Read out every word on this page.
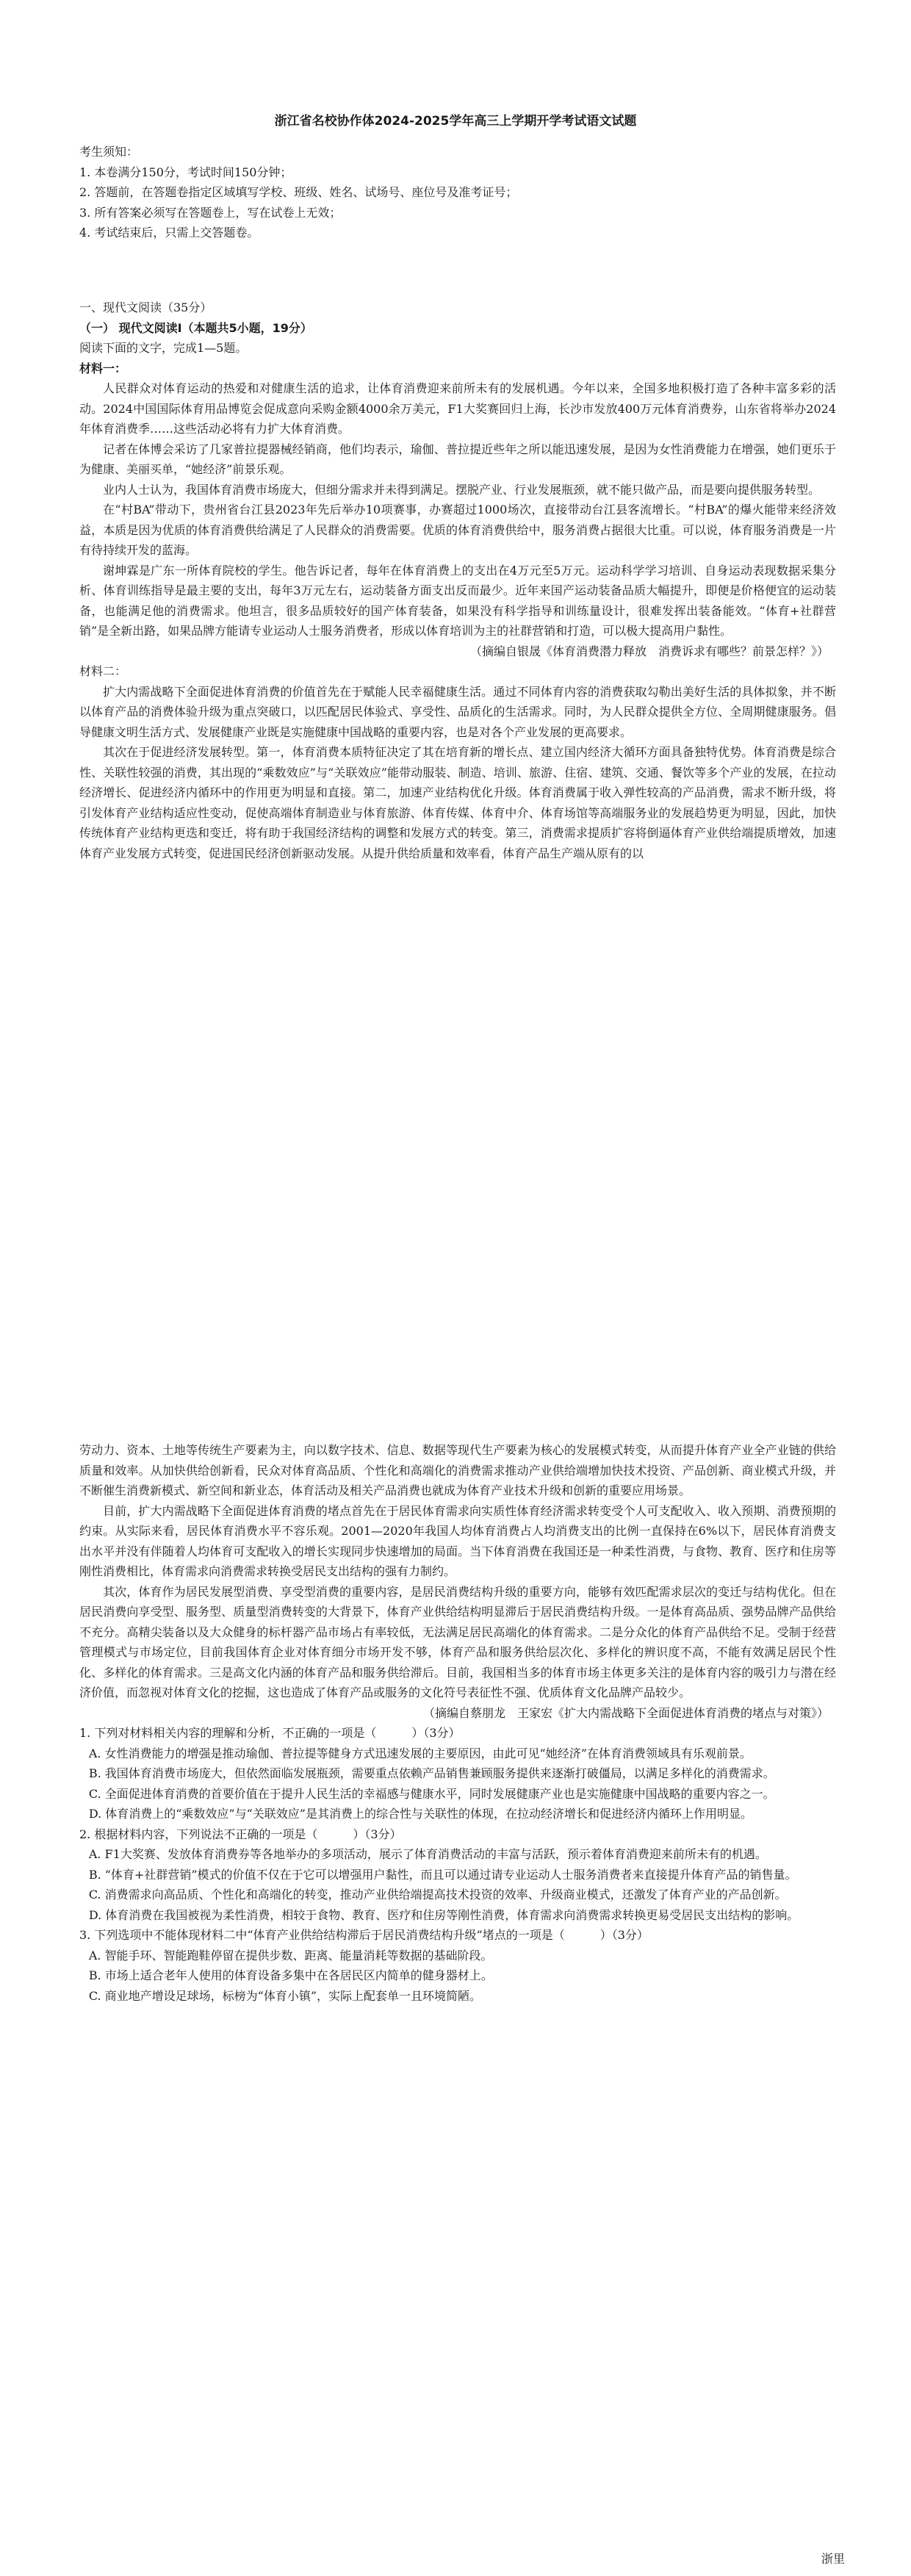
浙江省名校协作体2024-2025学年高三上学期开学考试语文试题

考生须知：

1. 本卷满分150分，考试时间150分钟；

2. 答题前，在答题卷指定区域填写学校、班级、姓名、试场号、座位号及准考证号；

3. 所有答案必须写在答题卷上，写在试卷上无效；

4. 考试结束后，只需上交答题卷。

一、现代文阅读（35分）

（一） 现代文阅读Ⅰ（本题共5小题，19分）

阅读下面的文字，完成1—5题。

材料一：

人民群众对体育运动的热爱和对健康生活的追求，让体育消费迎来前所未有的发展机遇。今年以来，全国多地积极打造了各种丰富多彩的活动。2024中国国际体育用品博览会促成意向采购金额4000余万美元，F1大奖赛回归上海，长沙市发放400万元体育消费券，山东省将举办2024年体育消费季……这些活动必将有力扩大体育消费。

记者在体博会采访了几家普拉提器械经销商，他们均表示，瑜伽、普拉提近些年之所以能迅速发展，是因为女性消费能力在增强，她们更乐于为健康、美丽买单，“她经济”前景乐观。

业内人士认为，我国体育消费市场庞大，但细分需求并未得到满足。摆脱产业、行业发展瓶颈，就不能只做产品，而是要向提供服务转型。

在“村BA”带动下，贵州省台江县2023年先后举办10项赛事，办赛超过1000场次，直接带动台江县客流增长。“村BA”的爆火能带来经济效益，本质是因为优质的体育消费供给满足了人民群众的消费需要。优质的体育消费供给中，服务消费占据很大比重。可以说，体育服务消费是一片有待持续开发的蓝海。

谢坤霖是广东一所体育院校的学生。他告诉记者，每年在体育消费上的支出在4万元至5万元。运动科学学习培训、自身运动表现数据采集分析、体育训练指导是最主要的支出，每年3万元左右，运动装备方面支出反而最少。近年来国产运动装备品质大幅提升，即便是价格便宜的运动装备，也能满足他的消费需求。他坦言，很多品质较好的国产体育装备，如果没有科学指导和训练量设计，很难发挥出装备能效。“体育+社群营销”是全新出路，如果品牌方能请专业运动人士服务消费者，形成以体育培训为主的社群营销和打造，可以极大提高用户黏性。

（摘编自银晟《体育消费潜力释放　消费诉求有哪些？前景怎样？》）

材料二：

扩大内需战略下全面促进体育消费的价值首先在于赋能人民幸福健康生活。通过不同体育内容的消费获取勾勒出美好生活的具体拟象，并不断以体育产品的消费体验升级为重点突破口，以匹配居民体验式、享受性、品质化的生活需求。同时，为人民群众提供全方位、全周期健康服务。倡导健康文明生活方式、发展健康产业既是实施健康中国战略的重要内容，也是对各个产业发展的更高要求。

其次在于促进经济发展转型。第一，体育消费本质特征决定了其在培育新的增长点、建立国内经济大循环方面具备独特优势。体育消费是综合性、关联性较强的消费，其出现的“乘数效应”与“关联效应”能带动服装、制造、培训、旅游、住宿、建筑、交通、餐饮等多个产业的发展，在拉动经济增长、促进经济内循环中的作用更为明显和直接。第二，加速产业结构优化升级。体育消费属于收入弹性较高的产品消费，需求不断升级，将引发体育产业结构适应性变动，促使高端体育制造业与体育旅游、体育传媒、体育中介、体育场馆等高端服务业的发展趋势更为明显，因此，加快传统体育产业结构更迭和变迁，将有助于我国经济结构的调整和发展方式的转变。第三，消费需求提质扩容将倒逼体育产业供给端提质增效，加速体育产业发展方式转变，促进国民经济创新驱动发展。从提升供给质量和效率看，体育产品生产端从原有的以

劳动力、资本、土地等传统生产要素为主，向以数字技术、信息、数据等现代生产要素为核心的发展模式转变，从而提升体育产业全产业链的供给质量和效率。从加快供给创新看，民众对体育高品质、个性化和高端化的消费需求推动产业供给端增加快技术投资、产品创新、商业模式升级，并不断催生消费新模式、新空间和新业态，体育活动及相关产品消费也就成为体育产业技术升级和创新的重要应用场景。

目前，扩大内需战略下全面促进体育消费的堵点首先在于居民体育需求向实质性体育经济需求转变受个人可支配收入、收入预期、消费预期的约束。从实际来看，居民体育消费水平不容乐观。2001—2020年我国人均体育消费占人均消费支出的比例一直保持在6%以下，居民体育消费支出水平并没有伴随着人均体育可支配收入的增长实现同步快速增加的局面。当下体育消费在我国还是一种柔性消费，与食物、教育、医疗和住房等刚性消费相比，体育需求向消费需求转换受居民支出结构的强有力制约。

其次，体育作为居民发展型消费、享受型消费的重要内容，是居民消费结构升级的重要方向，能够有效匹配需求层次的变迁与结构优化。但在居民消费向享受型、服务型、质量型消费转变的大背景下，体育产业供给结构明显滞后于居民消费结构升级。一是体育高品质、强势品牌产品供给不充分。高精尖装备以及大众健身的标杆器产品市场占有率较低，无法满足居民高端化的体育需求。二是分众化的体育产品供给不足。受制于经营管理模式与市场定位，目前我国体育企业对体育细分市场开发不够，体育产品和服务供给层次化、多样化的辨识度不高，不能有效满足居民个性化、多样化的体育需求。三是高文化内涵的体育产品和服务供给滞后。目前，我国相当多的体育市场主体更多关注的是体育内容的吸引力与潜在经济价值，而忽视对体育文化的挖掘，这也造成了体育产品或服务的文化符号表征性不强、优质体育文化品牌产品较少。

（摘编自蔡朋龙　王家宏《扩大内需战略下全面促进体育消费的堵点与对策》）

1. 下列对材料相关内容的理解和分析，不正确的一项是（　　　）（3分）

A. 女性消费能力的增强是推动瑜伽、普拉提等健身方式迅速发展的主要原因，由此可见“她经济”在体育消费领域具有乐观前景。

B. 我国体育消费市场庞大，但依然面临发展瓶颈，需要重点依赖产品销售兼顾服务提供来逐渐打破僵局，以满足多样化的消费需求。

C. 全面促进体育消费的首要价值在于提升人民生活的幸福感与健康水平，同时发展健康产业也是实施健康中国战略的重要内容之一。

D. 体育消费上的“乘数效应”与“关联效应”是其消费上的综合性与关联性的体现，在拉动经济增长和促进经济内循环上作用明显。

2. 根据材料内容，下列说法不正确的一项是（　　　）（3分）

A. F1大奖赛、发放体育消费券等各地举办的多项活动，展示了体育消费活动的丰富与活跃，预示着体育消费迎来前所未有的机遇。

B. “体育+社群营销”模式的价值不仅在于它可以增强用户黏性，而且可以通过请专业运动人士服务消费者来直接提升体育产品的销售量。

C. 消费需求向高品质、个性化和高端化的转变，推动产业供给端提高技术投资的效率、升级商业模式，还激发了体育产业的产品创新。

D. 体育消费在我国被视为柔性消费，相较于食物、教育、医疗和住房等刚性消费，体育需求向消费需求转换更易受居民支出结构的影响。

3. 下列选项中不能体现材料二中“体育产业供给结构滞后于居民消费结构升级”堵点的一项是（　　　）（3分）

A. 智能手环、智能跑鞋停留在提供步数、距离、能量消耗等数据的基础阶段。

B. 市场上适合老年人使用的体育设备多集中在各居民区内简单的健身器材上。

C. 商业地产增设足球场，标榜为“体育小镇”，实际上配套单一且环境简陋。

浙里
